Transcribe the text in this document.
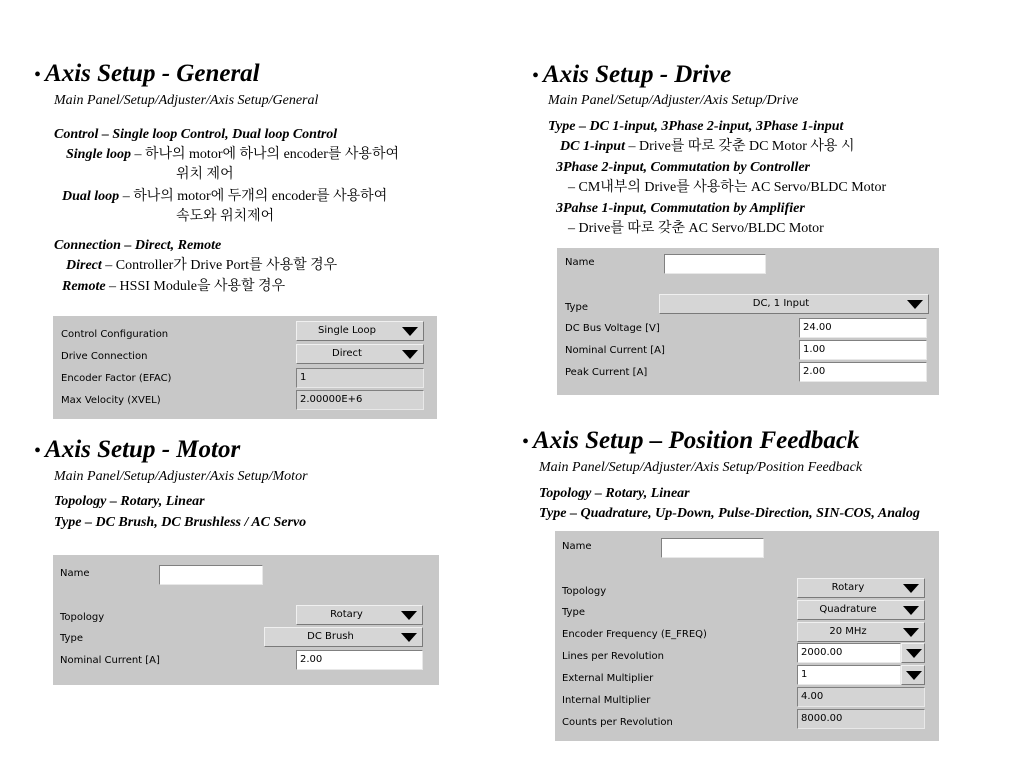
• Axis Setup - General
Main Panel/Setup/Adjuster/Axis Setup/General
Control – Single loop Control, Dual loop Control
Single loop – 하나의 motor에 하나의 encoder를 사용하여
위치 제어
Dual loop – 하나의 motor에 두개의 encoder를 사용하여
속도와 위치제어
Connection – Direct, Remote
Direct – Controller가 Drive Port를 사용할 경우
Remote – HSSI Module을 사용할 경우
Control Configuration	Single Loop
Drive Connection	Direct
Encoder Factor (EFAC)	1
Max Velocity (XVEL)	2.00000E+6
• Axis Setup - Drive
Main Panel/Setup/Adjuster/Axis Setup/Drive
Type – DC 1-input, 3Phase 2-input, 3Phase 1-input
DC 1-input – Drive를 따로 갖춘 DC Motor 사용 시
3Phase 2-input, Commutation by Controller
– CM내부의 Drive를 사용하는 AC Servo/BLDC Motor
3Pahse 1-input, Commutation by Amplifier
– Drive를 따로 갖춘 AC Servo/BLDC Motor
Name
Type	DC, 1 Input
DC Bus Voltage [V]	24.00
Nominal Current [A]	1.00
Peak Current [A]	2.00
• Axis Setup - Motor
Main Panel/Setup/Adjuster/Axis Setup/Motor
Topology – Rotary, Linear
Type – DC Brush, DC Brushless / AC Servo
Name
Topology	Rotary
Type	DC Brush
Nominal Current [A]	2.00
• Axis Setup – Position Feedback
Main Panel/Setup/Adjuster/Axis Setup/Position Feedback
Topology – Rotary, Linear
Type – Quadrature, Up-Down, Pulse-Direction, SIN-COS, Analog
Name
Topology	Rotary
Type	Quadrature
Encoder Frequency (E_FREQ)	20 MHz
Lines per Revolution	2000.00
External Multiplier	1
Internal Multiplier	4.00
Counts per Revolution	8000.00
